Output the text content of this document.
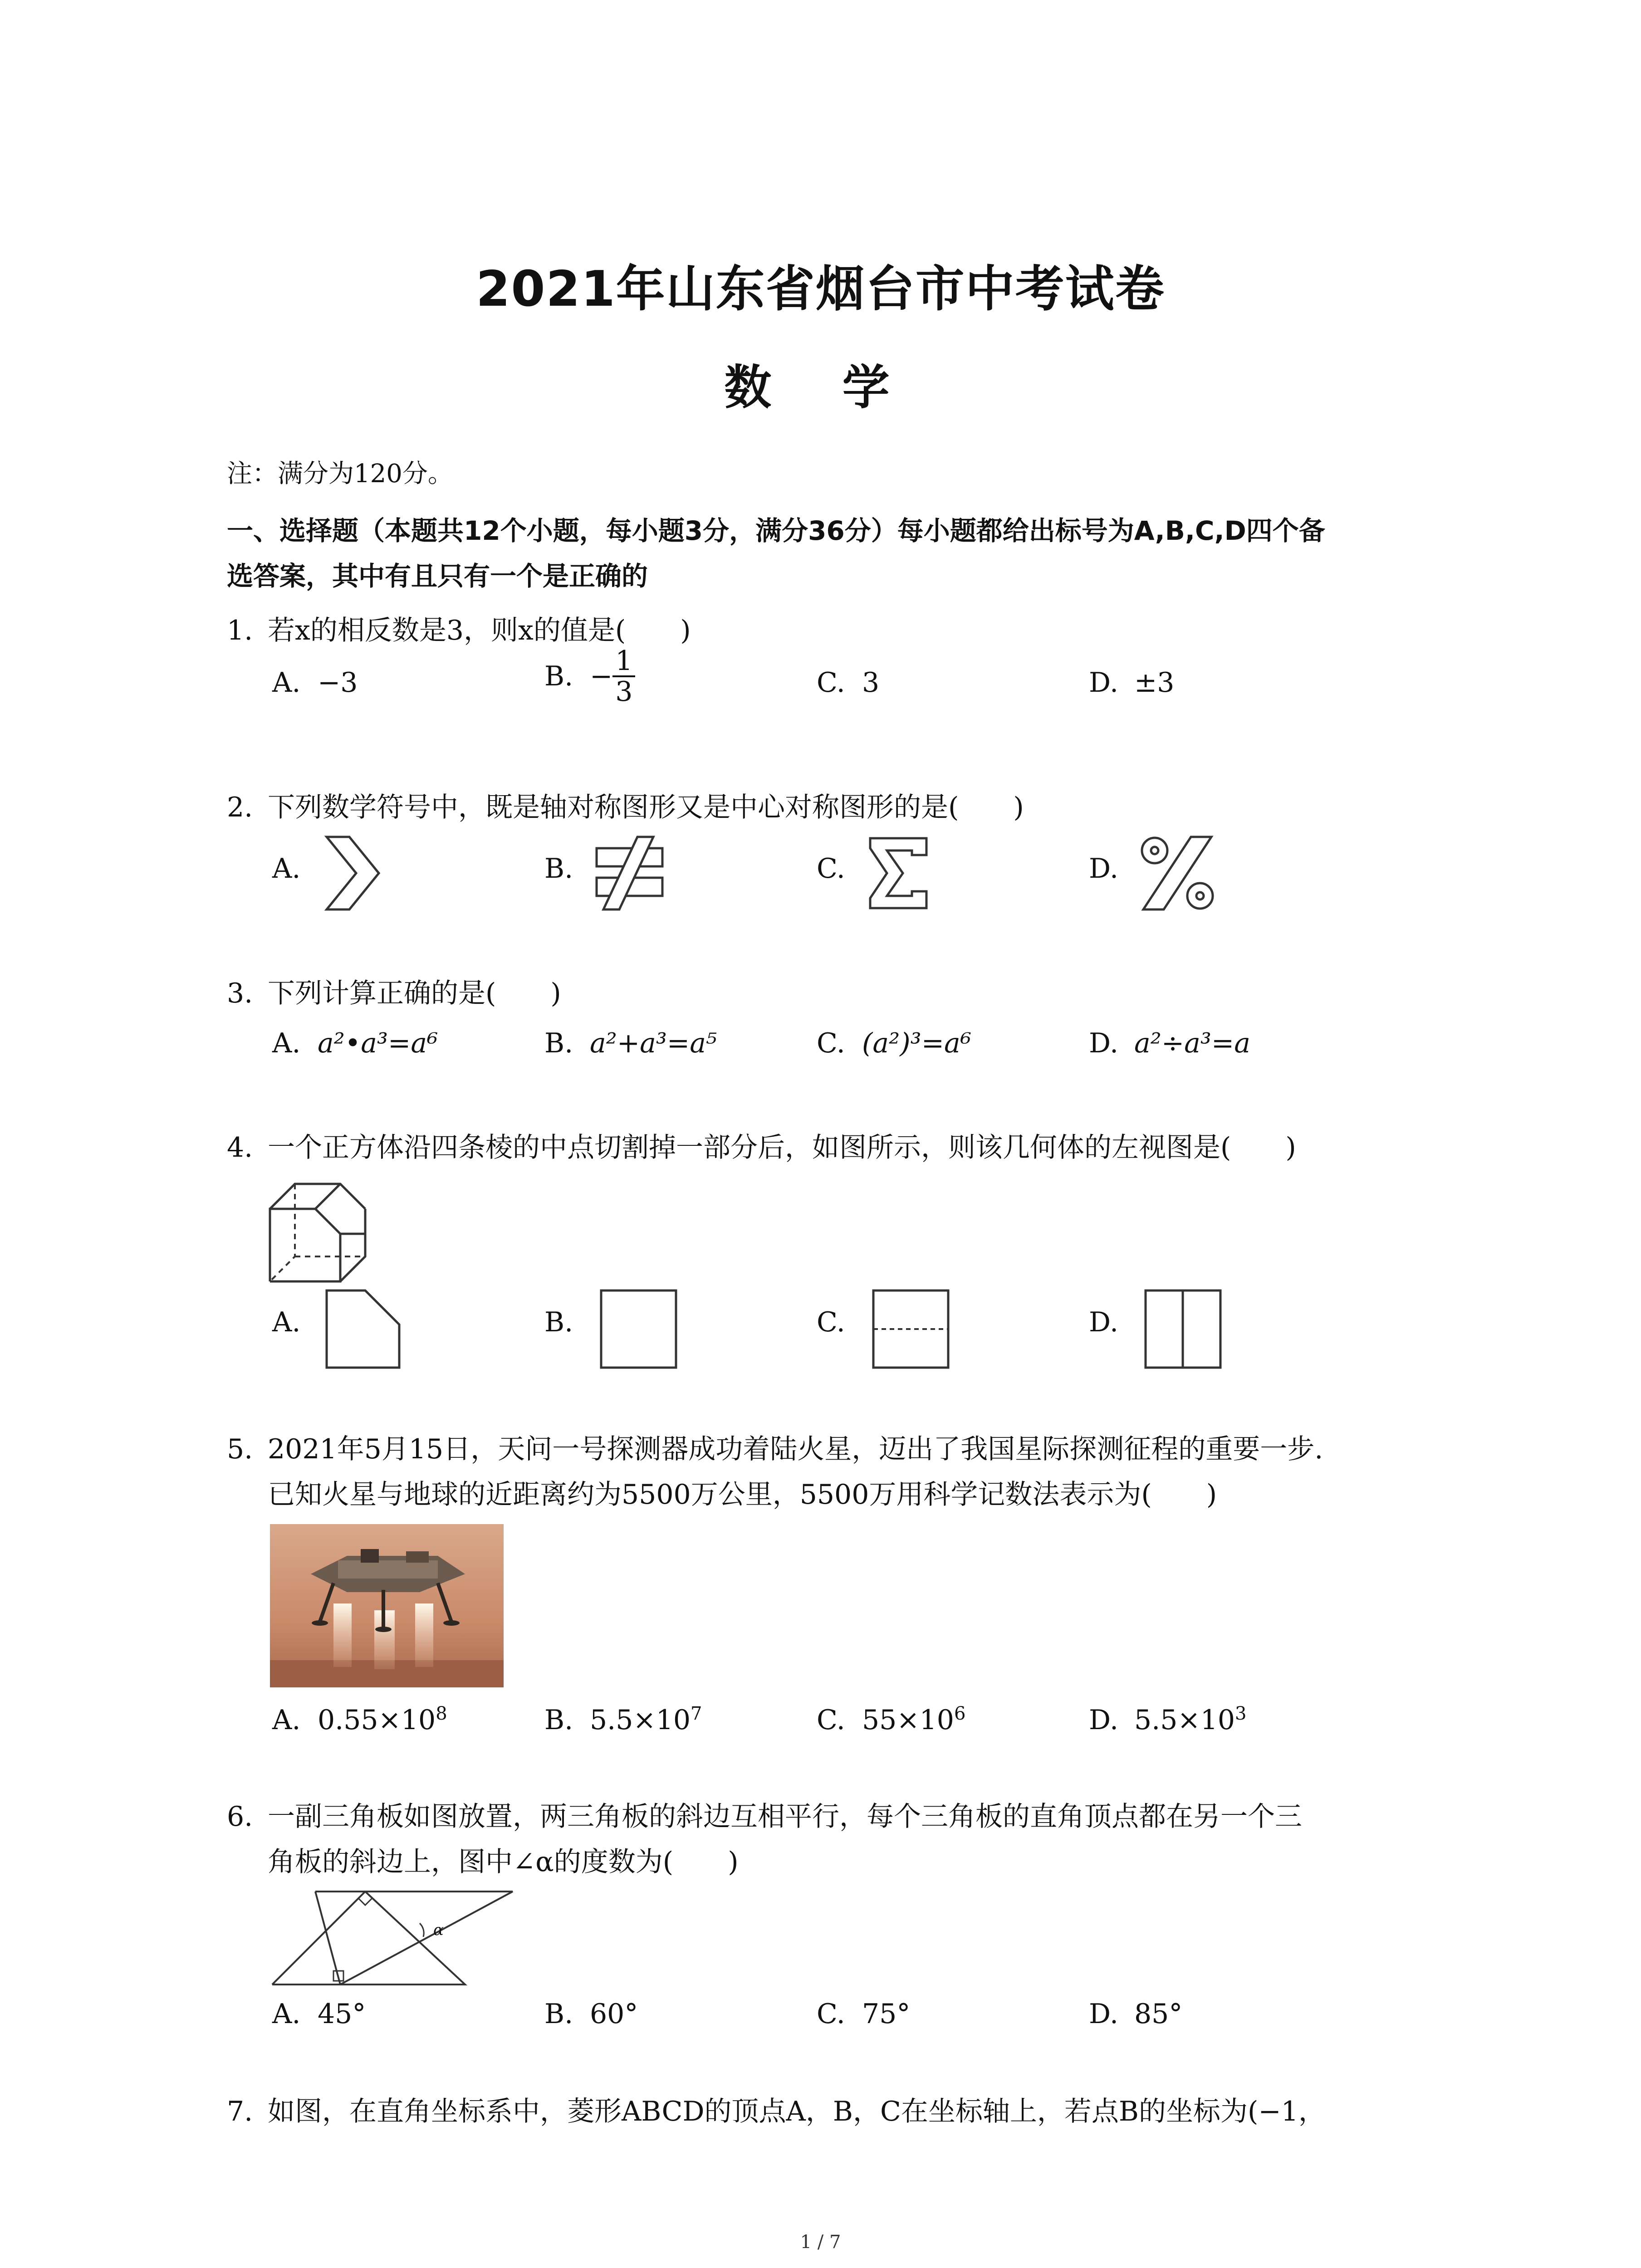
2021年山东省烟台市中考试卷
数 学
注：满分为120分。
一、选择题（本题共12个小题，每小题3分，满分36分）每小题都给出标号为A,B,C,D四个备
选答案，其中有且只有一个是正确的
1. 若x的相反数是3，则x的值是(　　)
A. −3	B. − $\frac{1}{3}$	C. 3	D. ±3
2. 下列数学符号中，既是轴对称图形又是中心对称图形的是(　　)
A.	B.	C.	D.
3. 下列计算正确的是(　　)
A. a²•a³=a⁶	B. a²+a³=a⁵	C. (a²)³=a⁶	D. a²÷a³=a
4. 一个正方体沿四条棱的中点切割掉一部分后，如图所示，则该几何体的左视图是(　　)
A.	B.	C.	D.
5. 2021年5月15日，天问一号探测器成功着陆火星，迈出了我国星际探测征程的重要一步.
已知火星与地球的近距离约为5500万公里，5500万用科学记数法表示为(　　)
A. $0.55\times 10^8$	B. $5.5\times 10^7$	C. $55\times 10^6$	D. $5.5\times 10^3$
6. 一副三角板如图放置，两三角板的斜边互相平行，每个三角板的直角顶点都在另一个三
角板的斜边上，图中∠α的度数为(　　)
α
A. 45°	B. 60°	C. 75°	D. 85°
7. 如图，在直角坐标系中，菱形ABCD的顶点A，B，C在坐标轴上，若点B的坐标为(−1，
1 / 7
